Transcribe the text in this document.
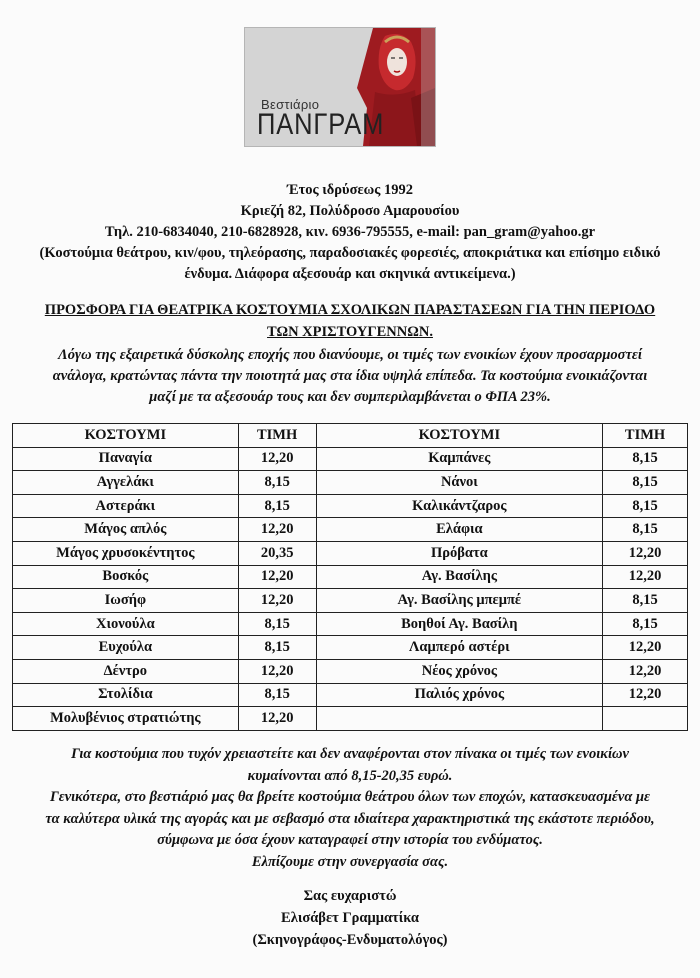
Βεστιάριο
ΠΑΝΓΡΑΜ
Έτος ιδρύσεως 1992
Κριεζή 82, Πολύδροσο Αμαρουσίου
Τηλ. 210-6834040, 210-6828928, κιν. 6936-795555, e-mail: pan_gram@yahoo.gr
(Κοστούμια θεάτρου, κιν/φου, τηλεόρασης, παραδοσιακές φορεσιές, αποκριάτικα και επίσημο ειδικό
ένδυμα. Διάφορα αξεσουάρ και σκηνικά αντικείμενα.)
ΠΡΟΣΦΟΡΑ ΓΙΑ ΘΕΑΤΡΙΚΑ ΚΟΣΤΟΥΜΙΑ ΣΧΟΛΙΚΩΝ ΠΑΡΑΣΤΑΣΕΩΝ ΓΙΑ ΤΗΝ ΠΕΡΙΟΔΟ
ΤΩΝ ΧΡΙΣΤΟΥΓΕΝΝΩΝ.
Λόγω της εξαιρετικά δύσκολης εποχής που διανύουμε, οι τιμές των ενοικίων έχουν προσαρμοστεί
ανάλογα, κρατώντας πάντα την ποιοτητά μας στα ίδια υψηλά επίπεδα. Τα κοστούμια ενοικιάζονται
μαζί με τα αξεσουάρ τους και δεν συμπεριλαμβάνεται ο ΦΠΑ 23%.
ΚΟΣΤΟΥΜΙ	ΤΙΜΗ	ΚΟΣΤΟΥΜΙ	ΤΙΜΗ
Παναγία	12,20	Καμπάνες	8,15
Αγγελάκι	8,15	Νάνοι	8,15
Αστεράκι	8,15	Καλικάντζαρος	8,15
Μάγος απλός	12,20	Ελάφια	8,15
Μάγος χρυσοκέντητος	20,35	Πρόβατα	12,20
Βοσκός	12,20	Αγ. Βασίλης	12,20
Ιωσήφ	12,20	Αγ. Βασίλης μπεμπέ	8,15
Χιονούλα	8,15	Βοηθοί Αγ. Βασίλη	8,15
Ευχούλα	8,15	Λαμπερό αστέρι	12,20
Δέντρο	12,20	Νέος χρόνος	12,20
Στολίδια	8,15	Παλιός χρόνος	12,20
Μολυβένιος στρατιώτης	12,20		
Για κοστούμια που τυχόν χρειαστείτε και δεν αναφέρονται στον πίνακα οι τιμές των ενοικίων
κυμαίνονται από 8,15-20,35 ευρώ.
Γενικότερα, στο βεστιάριό μας θα βρείτε κοστούμια θεάτρου όλων των εποχών, κατασκευασμένα με
τα καλύτερα υλικά της αγοράς και με σεβασμό στα ιδιαίτερα χαρακτηριστικά της εκάστοτε περιόδου,
σύμφωνα με όσα έχουν καταγραφεί στην ιστορία του ενδύματος.
Ελπίζουμε στην συνεργασία σας.
Σας ευχαριστώ
Ελισάβετ Γραμματίκα
(Σκηνογράφος-Ενδυματολόγος)
